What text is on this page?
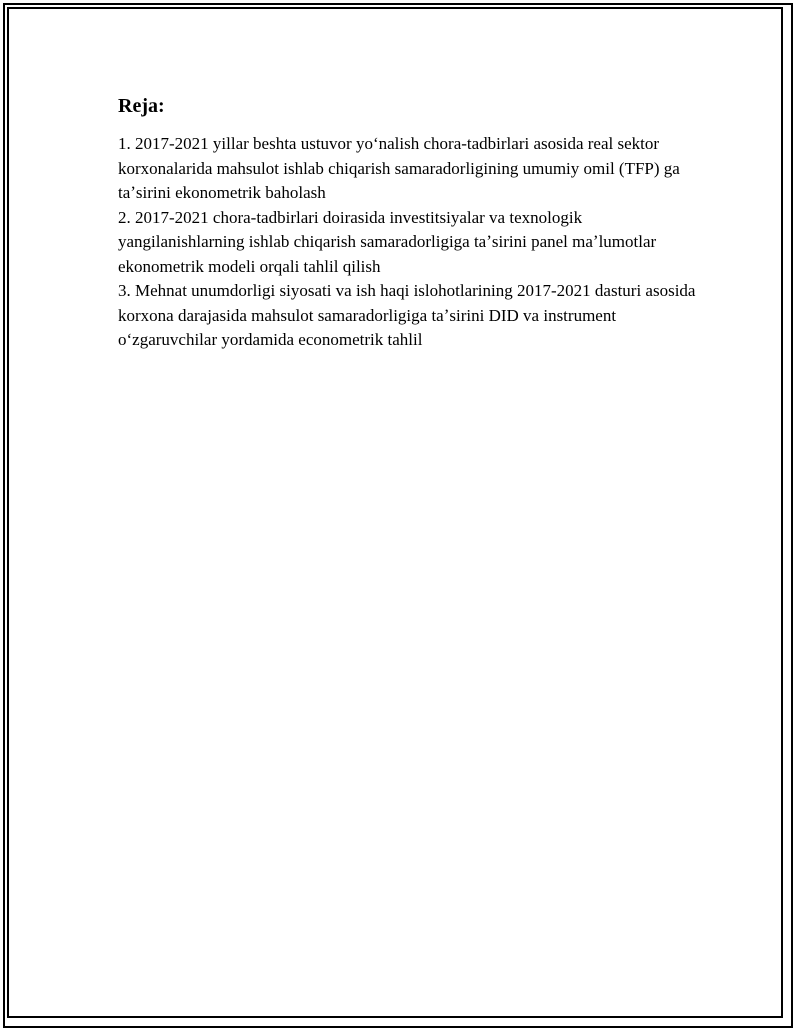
Reja:
1. 2017-2021 yillar beshta ustuvor yoʻnalish chora-tadbirlari asosida real sektor korxonalarida mahsulot ishlab chiqarish samaradorligining umumiy omil (TFP) ga taʼsirini ekonometrik baholash
2. 2017-2021 chora-tadbirlari doirasida investitsiyalar va texnologik yangilanishlarning ishlab chiqarish samaradorligiga taʼsirini panel maʼlumotlar ekonometrik modeli orqali tahlil qilish
3. Mehnat unumdorligi siyosati va ish haqi islohotlarining 2017-2021 dasturi asosida korxona darajasida mahsulot samaradorligiga taʼsirini DID va instrument oʻzgaruvchilar yordamida econometrik tahlil
